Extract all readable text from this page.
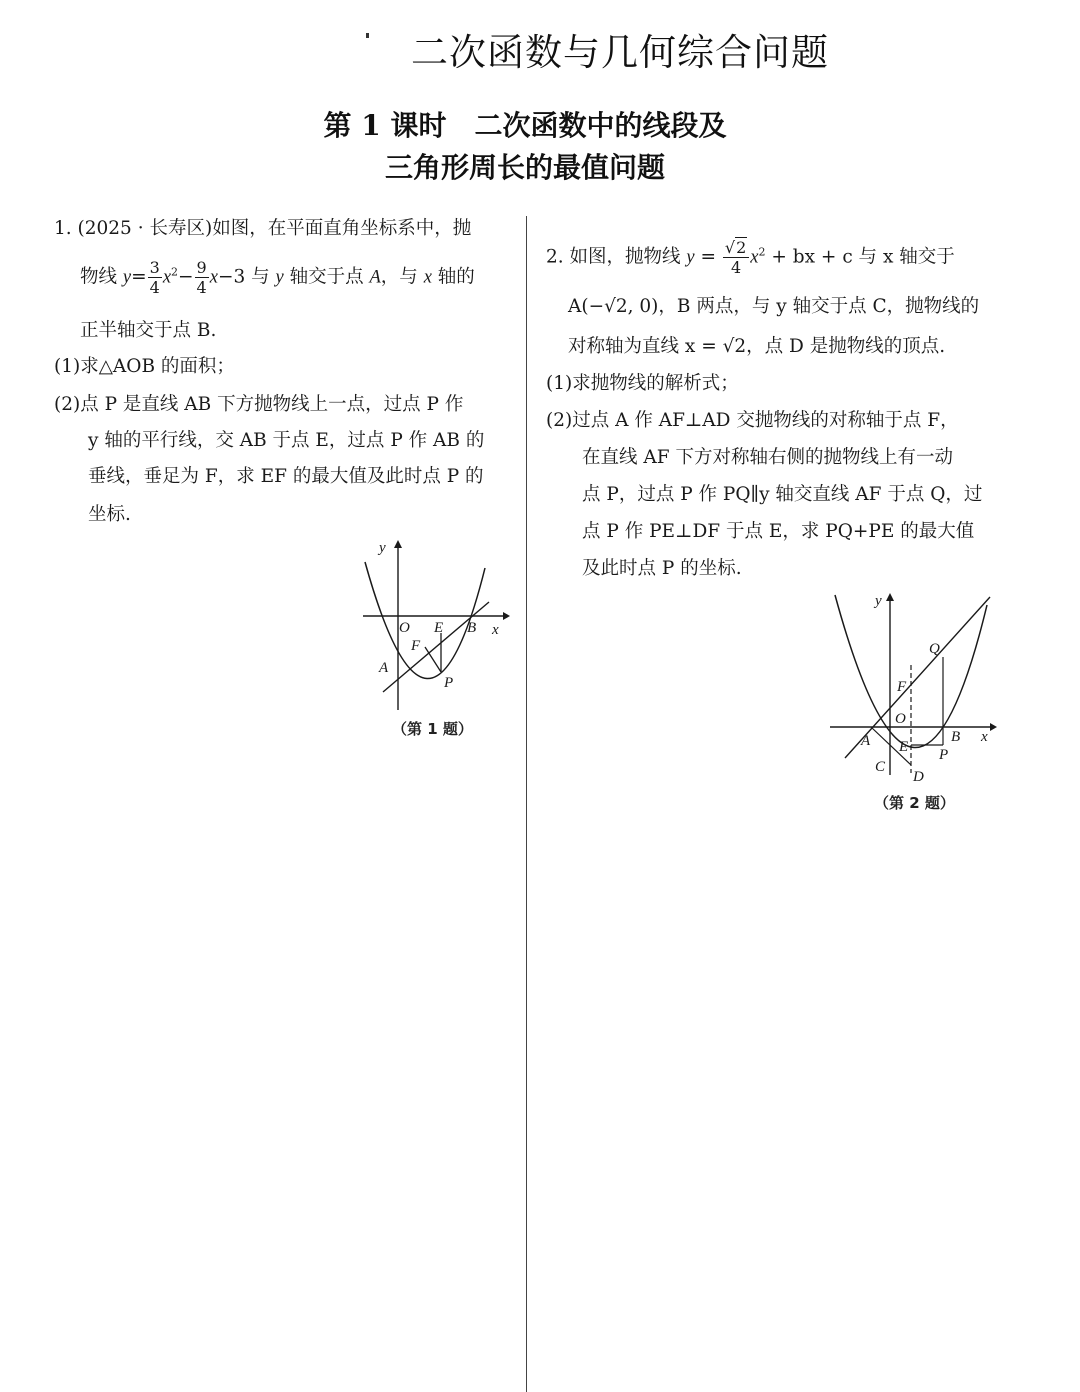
二次函数与几何综合问题
第 1 课时　二次函数中的线段及
三角形周长的最值问题
1. (2025 · 长寿区)如图，在平面直角坐标系中，抛
物线 $y= \frac{3}{4} x^2- \frac{9}{4} x-3$ 与 y 轴交于点 A，与 x 轴的
正半轴交于点 B.
(1)求△AOB 的面积；
(2)点 P 是直线 AB 下方抛物线上一点，过点 P 作
y 轴的平行线，交 AB 于点 E，过点 P 作 AB 的
垂线，垂足为 F，求 EF 的最大值及此时点 P 的
坐标.
y
x
O E B
F
A
P
（第 1 题）
2. 如图，抛物线 $y = \frac{√2}{4} x^2$ + bx + c 与 x 轴交于
A(−√2, 0)，B 两点，与 y 轴交于点 C，抛物线的
对称轴为直线 x = √2，点 D 是抛物线的顶点.
(1)求抛物线的解析式；
(2)过点 A 作 AF⊥AD 交抛物线的对称轴于点 F，
在直线 AF 下方对称轴右侧的抛物线上有一动
点 P，过点 P 作 PQ∥y 轴交直线 AF 于点 Q，过
点 P 作 PE⊥DF 于点 E，求 PQ+PE 的最大值
及此时点 P 的坐标.
y
x
Q
F
O
A E
B
P
C
D
（第 2 题）
